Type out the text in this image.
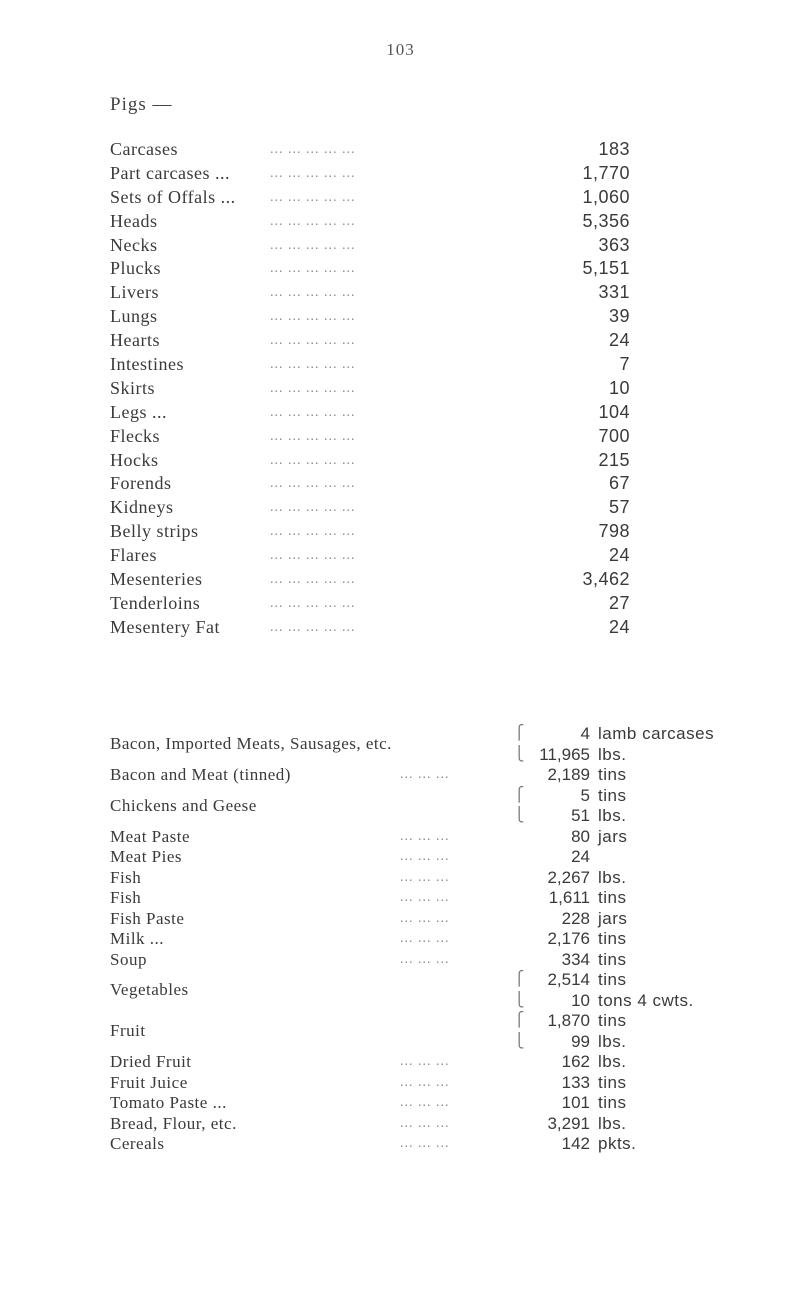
103
Pigs —
Carcases	... ... ... ... ...	183
Part carcases ...	... ... ... ... ...	1,770
Sets of Offals ... ... ... ... ... ...	1,060
Heads	... ... ... ... ...	5,356
Necks	... ... ... ... ...	363
Plucks	... ... ... ... ...	5,151
Livers	... ... ... ... ...	331
Lungs	... ... ... ... ...	39
Hearts	... ... ... ... ...	24
Intestines	... ... ... ... ...	7
Skirts	... ... ... ... ...	10
Legs ...	... ... ... ... ...	104
Flecks	... ... ... ... ...	700
Hocks	... ... ... ... ...	215
Forends	... ... ... ... ...	67
Kidneys	... ... ... ... ...	57
Belly strips	... ... ... ... ...	798
Flares	... ... ... ... ...	24
Mesenteries	... ... ... ... ...	3,462
Tenderloins	... ... ... ... ...	27
Mesentery Fat	... ... ... ... ...	24
Bacon, Imported Meats, Sausages, etc.
⎧	4 lamb carcases
⎩ 11,965 lbs.
Bacon and Meat (tinned)	... ... ...	2,189 tins
Chickens and Geese
⎧	5 tins
⎩	51 lbs.
Meat Paste	... ... ...	80 jars
Meat Pies	... ... ...	24
Fish	... ... ...	2,267 lbs.
Fish	... ... ...	1,611 tins
Fish Paste	... ... ...	228 jars
Milk ...	... ... ...	2,176 tins
Soup	... ... ...	334 tins
Vegetables
⎧	2,514 tins
⎩	10 tons 4 cwts.
Fruit
⎧	1,870 tins
⎩	99 lbs.
Dried Fruit	... ... ...	162 lbs.
Fruit Juice	... ... ...	133 tins
Tomato Paste ...	... ... ...	101 tins
Bread, Flour, etc.	... ... ...	3,291 lbs.
Cereals	... ... ...	142 pkts.
